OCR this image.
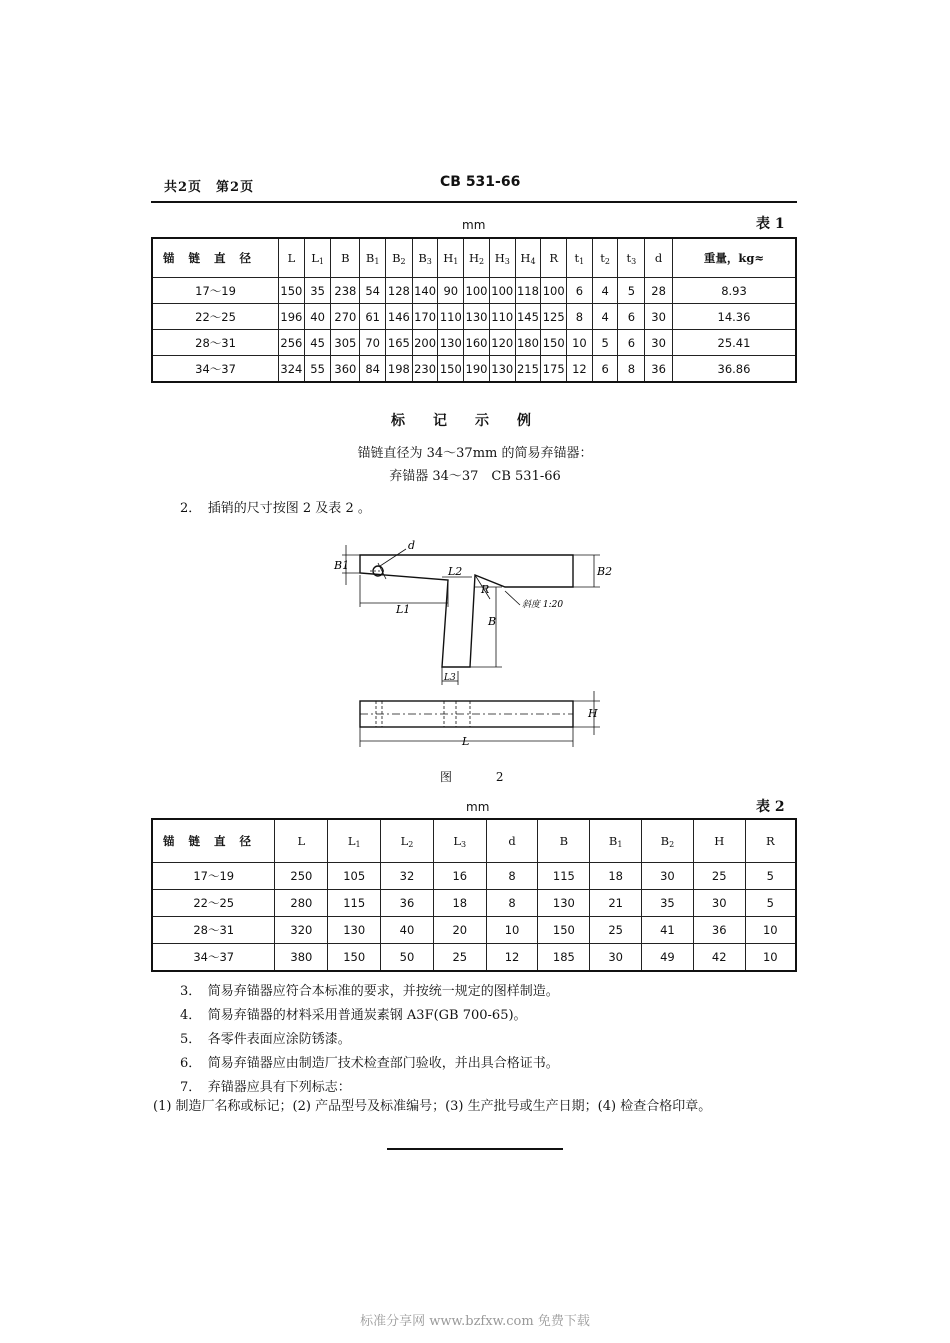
共2页　第2页	CB 531-66
mm	表 1
锚链直径	L	$L_1$	B	$B_1$	$B_2$	$B_3$	$H_1$	$H_2$	$H_3$	$H_4$	R	$t_1$	$t_2$	$t_3$	d	重量，kg≈
17～19	150	35	238	54	128	140	90	100	100	118	100	6	4	5	28	8.93
22～25	196	40	270	61	146	170	110	130	110	145	125	8	4	6	30	14.36
28～31	256	45	305	70	165	200	130	160	120	180	150	10	5	6	30	25.41
34～37	324	55	360	84	198	230	150	190	130	215	175	12	6	8	36	36.86
标记示例
锚链直径为 34～37mm 的简易弃锚器：
弃锚器 34～37　CB 531-66
2．　插销的尺寸按图 2 及表 2 。
d
B1	B2
L1
L2
R
B
斜度 1:20
L3
H
L
图 2
mm	表 2
锚链直径	L	$L_1$	$L_2$	$L_3$	d	B	$B_1$	$B_2$	H	R
17～19	250	105	32	16	8	115	18	30	25	5
22～25	280	115	36	18	8	130	21	35	30	5
28～31	320	130	40	20	10	150	25	41	36	10
34～37	380	150	50	25	12	185	30	49	42	10
3．　简易弃锚器应符合本标准的要求，并按统一规定的图样制造。
4．　简易弃锚器的材料采用普通炭素钢 A3F(GB 700-65)。
5．　各零件表面应涂防锈漆。
6．　简易弃锚器应由制造厂技术检查部门验收，并出具合格证书。
7．　弃锚器应具有下列标志：
(1) 制造厂名称或标记；(2) 产品型号及标准编号；(3) 生产批号或生产日期；(4) 检查合格印章。
标准分享网 www.bzfxw.com 免费下载
